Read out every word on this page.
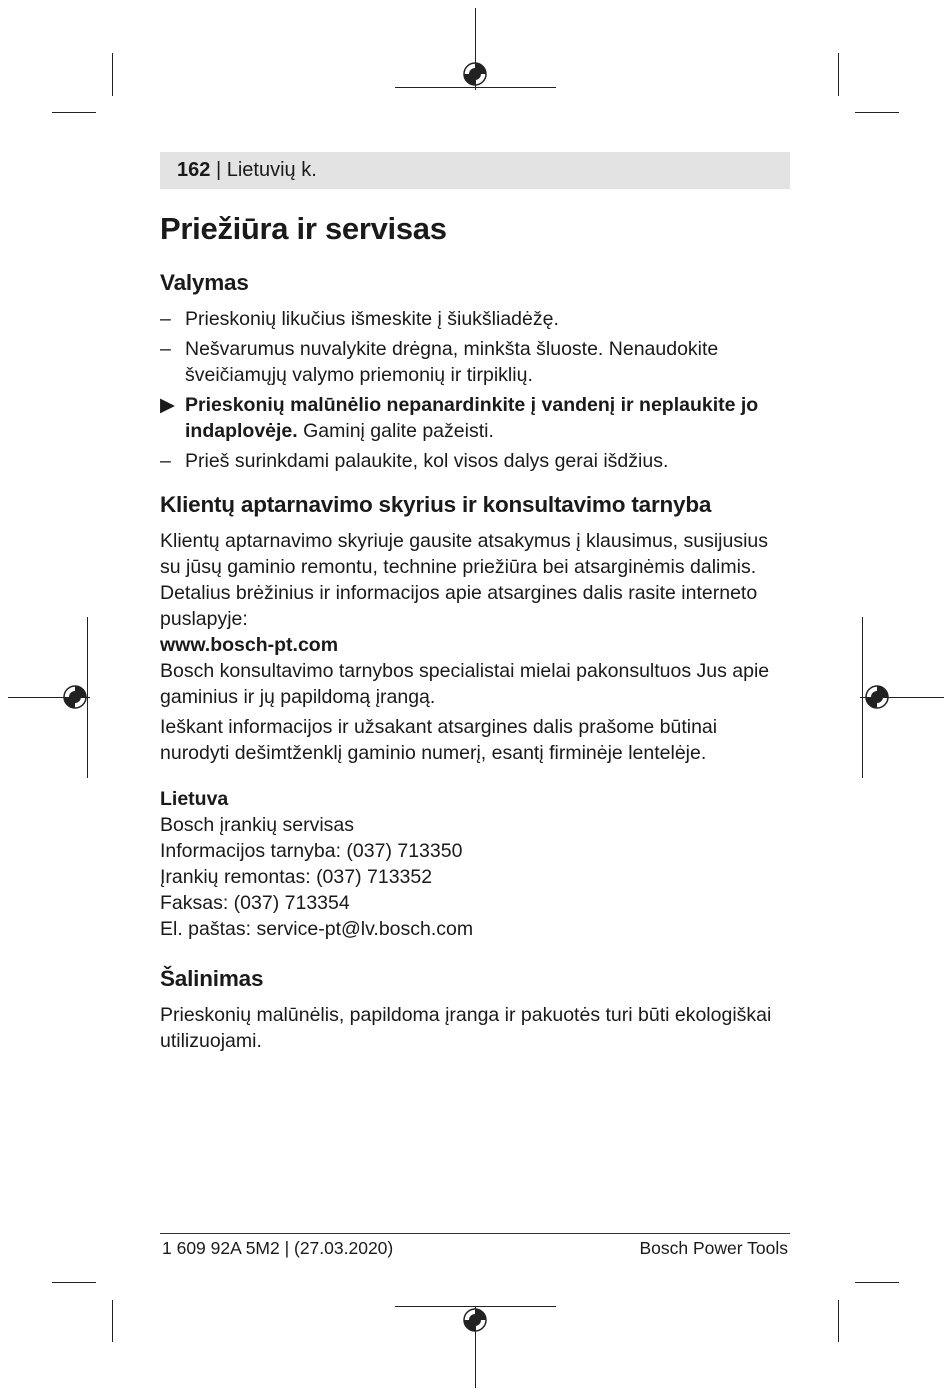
162 | Lietuvių k.
Priežiūra ir servisas
Valymas
– Prieskonių likučius išmeskite į šiukšliadėžę.
– Nešvarumus nuvalykite drėgna, minkšta šluoste. Nenaudokite šveičiamųjų valymo priemonių ir tirpiklių.
▶ Prieskonių malūnėlio nepanardinkite į vandenį ir neplaukite jo indaplovėje. Gaminį galite pažeisti.
– Prieš surinkdami palaukite, kol visos dalys gerai išdžius.
Klientų aptarnavimo skyrius ir konsultavimo tarnyba

Klientų aptarnavimo skyriuje gausite atsakymus į klausimus, susijusius su jūsų gaminio remontu, technine priežiūra bei atsarginėmis dalimis. Detalius brėžinius ir informacijos apie atsargines dalis rasite interneto puslapyje:

www.bosch-pt.com

Bosch konsultavimo tarnybos specialistai mielai pakonsultuos Jus apie gaminius ir jų papildomą įrangą.

Ieškant informacijos ir užsakant atsargines dalis prašome būtinai nurodyti dešimtženklį gaminio numerį, esantį firminėje lentelėje.

Lietuva
Bosch įrankių servisas
Informacijos tarnyba: (037) 713350
Įrankių remontas: (037) 713352
Faksas: (037) 713354
El. paštas: service-pt@lv.bosch.com
Šalinimas

Prieskonių malūnėlis, papildoma įranga ir pakuotės turi būti ekologiškai utilizuojami.

1 609 92A 5M2 | (27.03.2020)	Bosch Power Tools
